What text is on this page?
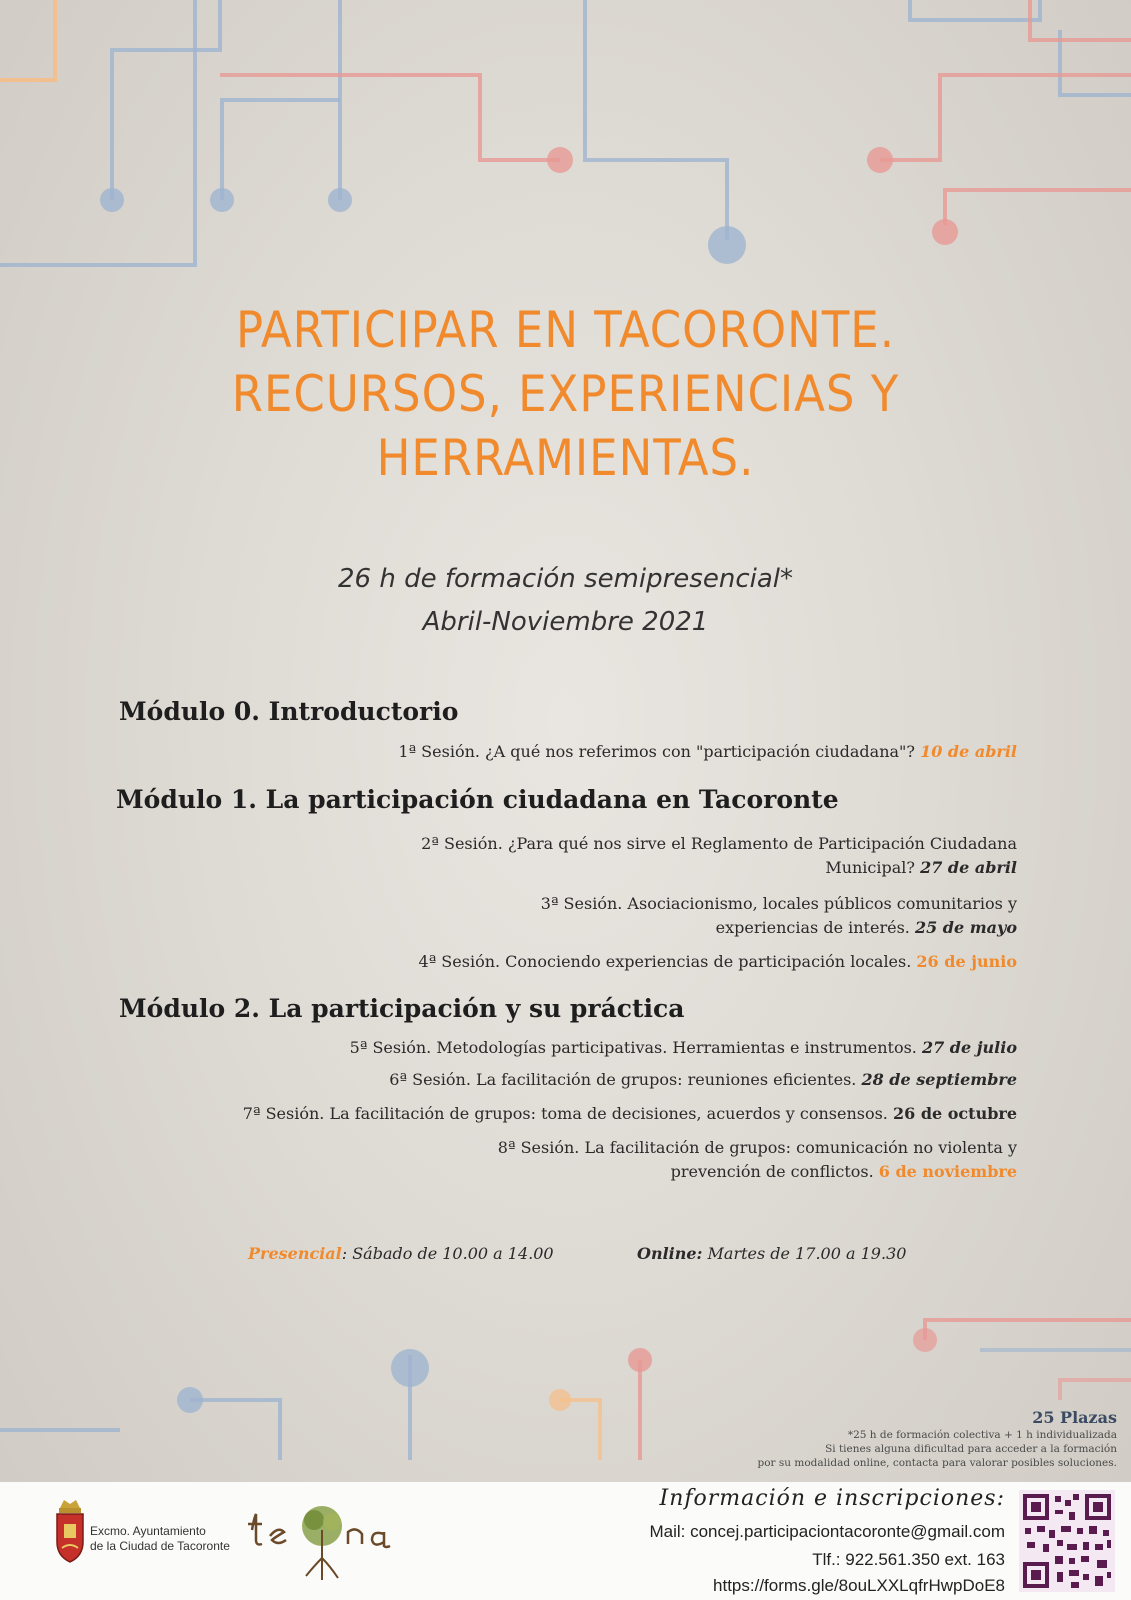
PARTICIPAR EN TACORONTE.
RECURSOS, EXPERIENCIAS Y
HERRAMIENTAS.
26 h de formación semipresencial*
Abril-Noviembre 2021
Módulo 0. Introductorio
1ª Sesión. ¿A qué nos referimos con "participación ciudadana"? 10 de abril
Módulo 1. La participación ciudadana en Tacoronte
2ª Sesión. ¿Para qué nos sirve el Reglamento de Participación Ciudadana
Municipal? 27 de abril
3ª Sesión. Asociacionismo, locales públicos comunitarios y
experiencias de interés. 25 de mayo
4ª Sesión. Conociendo experiencias de participación locales. 26 de junio
Módulo 2. La participación y su práctica
5ª Sesión. Metodologías participativas. Herramientas e instrumentos. 27 de julio
6ª Sesión. La facilitación de grupos: reuniones eficientes. 28 de septiembre
7ª Sesión. La facilitación de grupos: toma de decisiones, acuerdos y consensos. 26 de octubre
8ª Sesión. La facilitación de grupos: comunicación no violenta y
prevención de conflictos. 6 de noviembre
Presencial: Sábado de 10.00 a 14.00	Online: Martes de 17.00 a 19.30
25 Plazas
*25 h de formación colectiva + 1 h individualizada
Si tienes alguna dificultad para acceder a la formación
por su modalidad online, contacta para valorar posibles soluciones.
Excmo. Ayuntamiento
de la Ciudad de Tacoronte
Información e inscripciones:
Mail: concej.participaciontacoronte@gmail.com
Tlf.: 922.561.350 ext. 163
https://forms.gle/8ouLXXLqfrHwpDoE8
